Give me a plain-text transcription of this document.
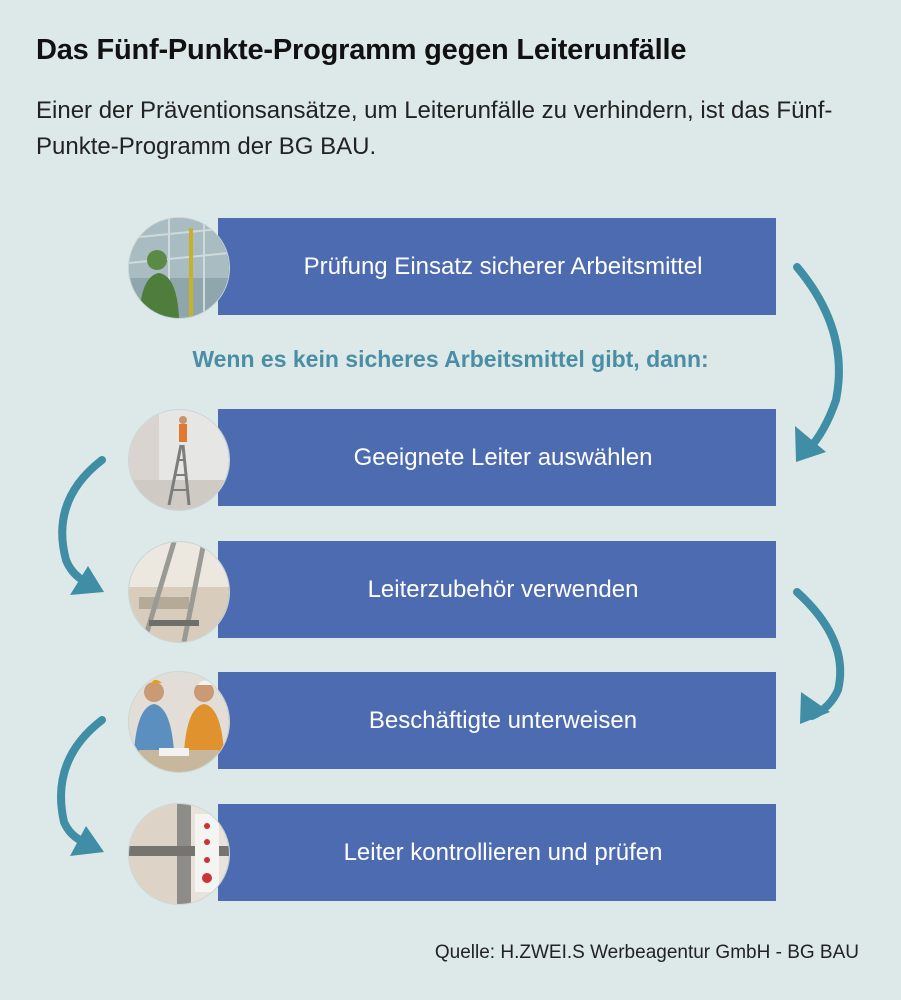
Das Fünf-Punkte-Programm gegen Leiterunfälle
Einer der Präventionsansätze, um Leiterunfälle zu verhindern, ist das Fünf-Punkte-Programm der BG BAU.
Prüfung Einsatz sicherer Arbeitsmittel
Wenn es kein sicheres Arbeitsmittel gibt, dann:
Geeignete Leiter auswählen
Leiterzubehör verwenden
Beschäftigte unterweisen
Leiter kontrollieren und prüfen
Quelle: H.ZWEI.S Werbeagentur GmbH - BG BAU
